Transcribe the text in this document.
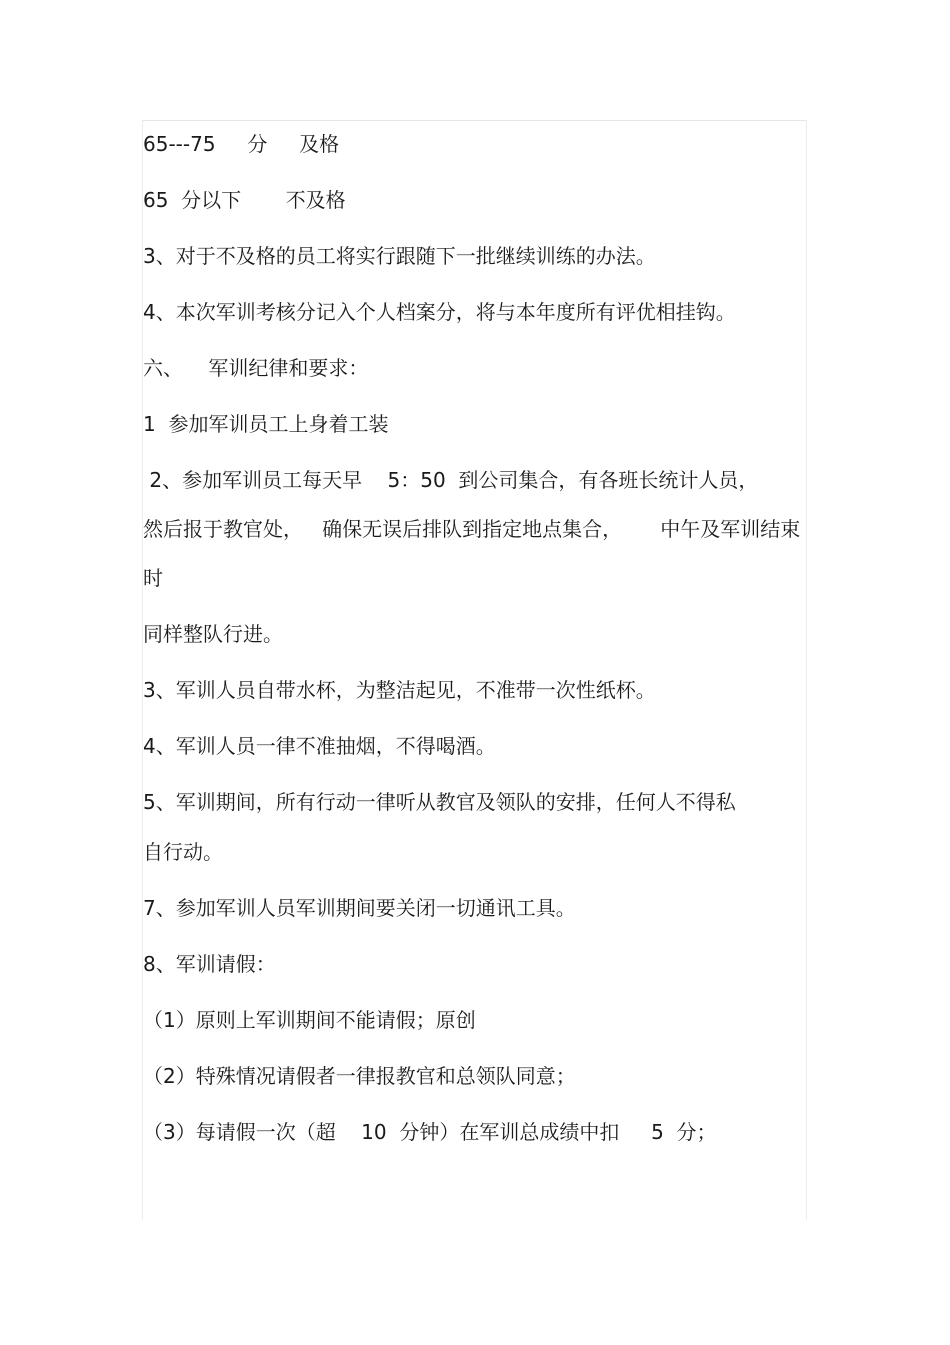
65---75     分     及格
65  分以下       不及格
3、对于不及格的员工将实行跟随下一批继续训练的办法。
4、本次军训考核分记入个人档案分，将与本年度所有评优相挂钩。
六、    军训纪律和要求：
1  参加军训员工上身着工装
2、参加军训员工每天早    5：50  到公司集合，有各班长统计人员，
然后报于教官处，   确保无误后排队到指定地点集合，      中午及军训结束
时
同样整队行进。
3、军训人员自带水杯，为整洁起见，不准带一次性纸杯。
4、军训人员一律不准抽烟，不得喝酒。
5、军训期间，所有行动一律听从教官及领队的安排，任何人不得私
自行动。
7、参加军训人员军训期间要关闭一切通讯工具。
8、军训请假：
（1）原则上军训期间不能请假；原创
（2）特殊情况请假者一律报教官和总领队同意；
（3）每请假一次（超    10  分钟）在军训总成绩中扣     5  分；
